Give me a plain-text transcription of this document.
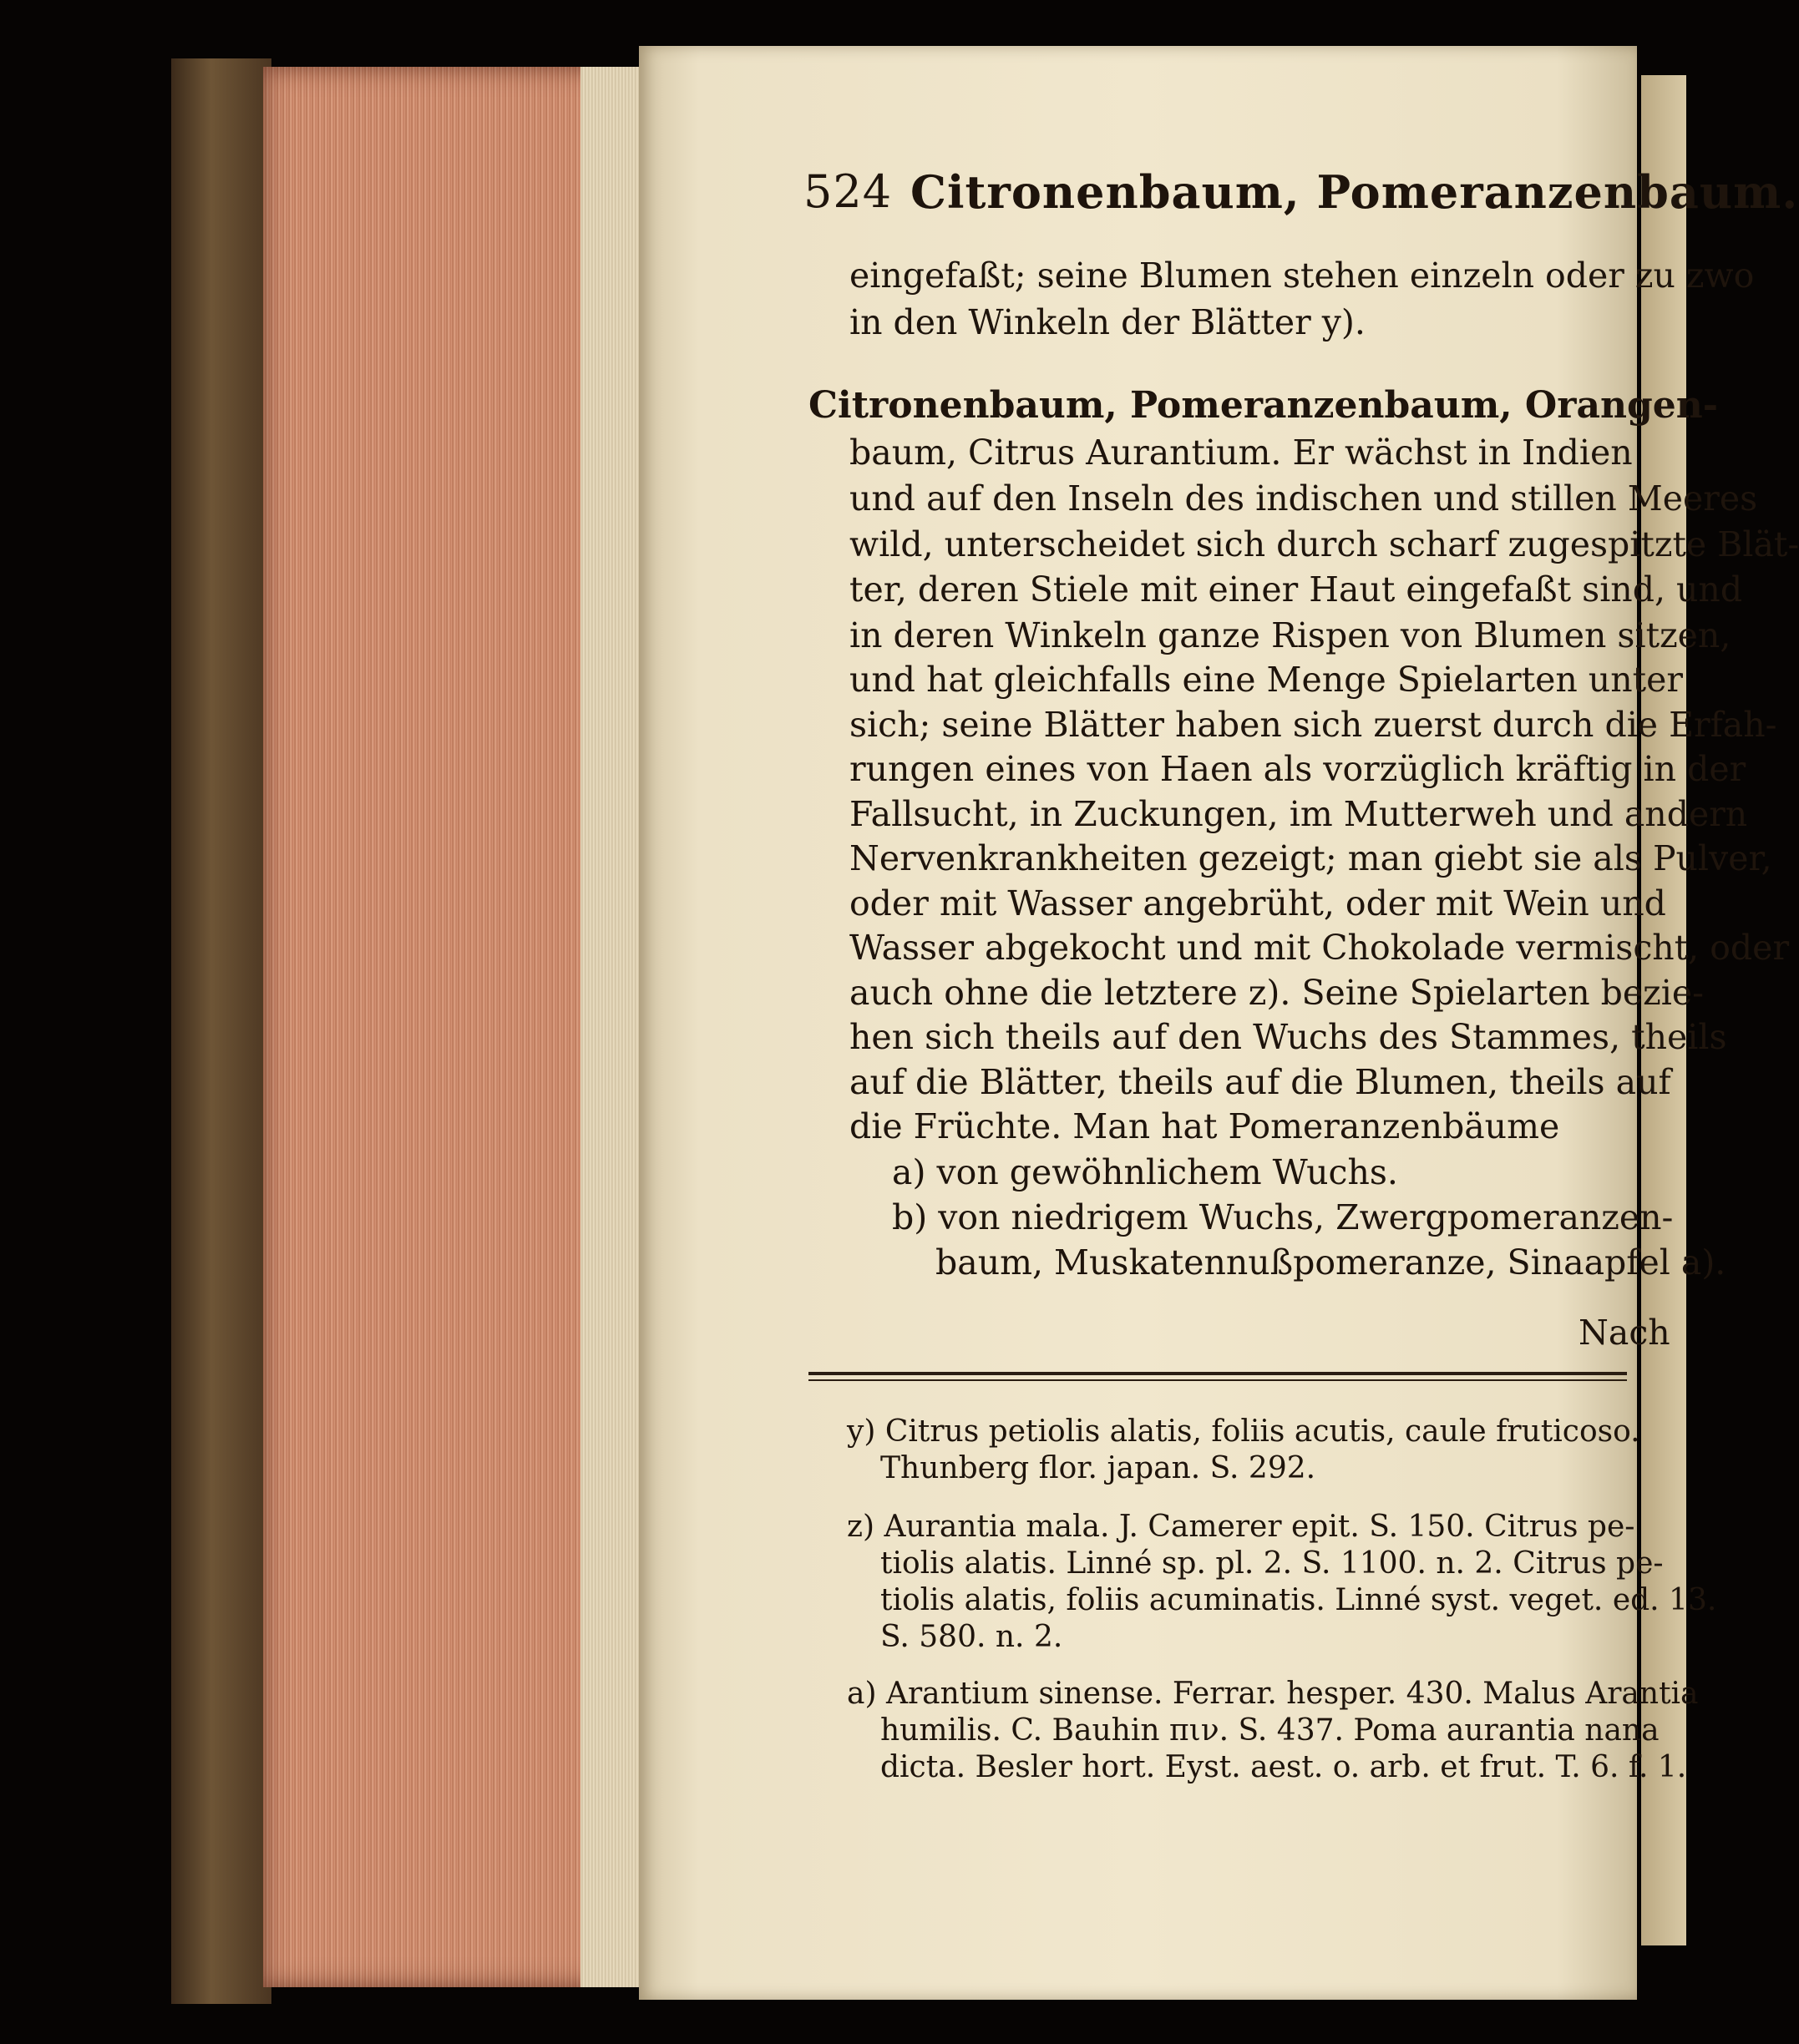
524 Citronenbaum, Pomeranzenbaum.
eingefaßt; seine Blumen stehen einzeln oder zu zwo
in den Winkeln der Blätter y).
Citronenbaum, Pomeranzenbaum, Orangen-
baum, Citrus Aurantium. Er wächst in Indien
und auf den Inseln des indischen und stillen Meeres
wild, unterscheidet sich durch scharf zugespitzte Blät-
ter, deren Stiele mit einer Haut eingefaßt sind, und
in deren Winkeln ganze Rispen von Blumen sitzen,
und hat gleichfalls eine Menge Spielarten unter
sich; seine Blätter haben sich zuerst durch die Erfah-
rungen eines von Haen als vorzüglich kräftig in der
Fallsucht, in Zuckungen, im Mutterweh und andern
Nervenkrankheiten gezeigt; man giebt sie als Pulver,
oder mit Wasser angebrüht, oder mit Wein und
Wasser abgekocht und mit Chokolade vermischt, oder
auch ohne die letztere z). Seine Spielarten bezie-
hen sich theils auf den Wuchs des Stammes, theils
auf die Blätter, theils auf die Blumen, theils auf
die Früchte. Man hat Pomeranzenbäume
a) von gewöhnlichem Wuchs.
b) von niedrigem Wuchs, Zwergpomeranzen-
baum, Muskatennußpomeranze, Sinaapfel a).
Nach
y) Citrus petiolis alatis, foliis acutis, caule fruticoso.
Thunberg flor. japan. S. 292.
z) Aurantia mala. J. Camerer epit. S. 150. Citrus pe-
tiolis alatis. Linné sp. pl. 2. S. 1100. n. 2. Citrus pe-
tiolis alatis, foliis acuminatis. Linné syst. veget. ed. 13.
S. 580. n. 2.
a) Arantium sinense. Ferrar. hesper. 430. Malus Arantia
humilis. C. Bauhin πιν. S. 437. Poma aurantia nana
dicta. Besler hort. Eyst. aest. o. arb. et frut. T. 6. f. 1.
